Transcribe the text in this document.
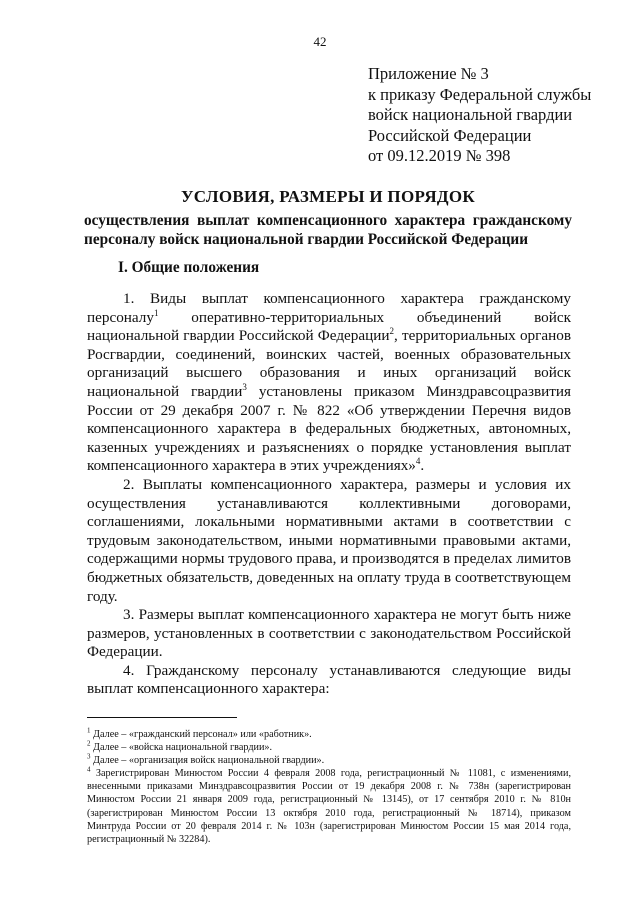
42
Приложение № 3
к приказу Федеральной службы
войск национальной гвардии
Российской Федерации
от 09.12.2019 № 398
УСЛОВИЯ, РАЗМЕРЫ И ПОРЯДОК
осуществления выплат компенсационного характера гражданскому
персоналу войск национальной гвардии Российской Федерации
I. Общие положения
1. Виды выплат компенсационного характера гражданскому
персоналу$^1$ оперативно-территориальных объединений войск
национальной гвардии Российской Федерации$^2$, территориальных органов
Росгвардии, соединений, воинских частей, военных образовательных
организаций высшего образования и иных организаций войск
национальной гвардии$^3$ установлены приказом Минздравсоцразвития
России от 29 декабря 2007 г. № 822 «Об утверждении Перечня видов
компенсационного характера в федеральных бюджетных, автономных,
казенных учреждениях и разъяснениях о порядке установления выплат
компенсационного характера в этих учреждениях»$^4$.
2. Выплаты компенсационного характера, размеры и условия их
осуществления устанавливаются коллективными договорами,
соглашениями, локальными нормативными актами в соответствии с
трудовым законодательством, иными нормативными правовыми актами,
содержащими нормы трудового права, и производятся в пределах лимитов
бюджетных обязательств, доведенных на оплату труда в соответствующем
году.
3. Размеры выплат компенсационного характера не могут быть ниже
размеров, установленных в соответствии с законодательством Российской
Федерации.
4. Гражданскому персоналу устанавливаются следующие виды
выплат компенсационного характера:
$^1$ Далее – «гражданский персонал» или «работник».
$^2$ Далее – «войска национальной гвардии».
$^3$ Далее – «организация войск национальной гвардии».
$^4$ Зарегистрирован Минюстом России 4 февраля 2008 года, регистрационный № 11081, с изменениями,
внесенными приказами Минздравсоцразвития России от 19 декабря 2008 г. № 738н (зарегистрирован
Минюстом России 21 января 2009 года, регистрационный № 13145), от 17 сентября 2010 г. № 810н
(зарегистрирован Минюстом России 13 октября 2010 года, регистрационный № 18714), приказом
Минтруда России от 20 февраля 2014 г. № 103н (зарегистрирован Минюстом России 15 мая 2014 года,
регистрационный № 32284).
